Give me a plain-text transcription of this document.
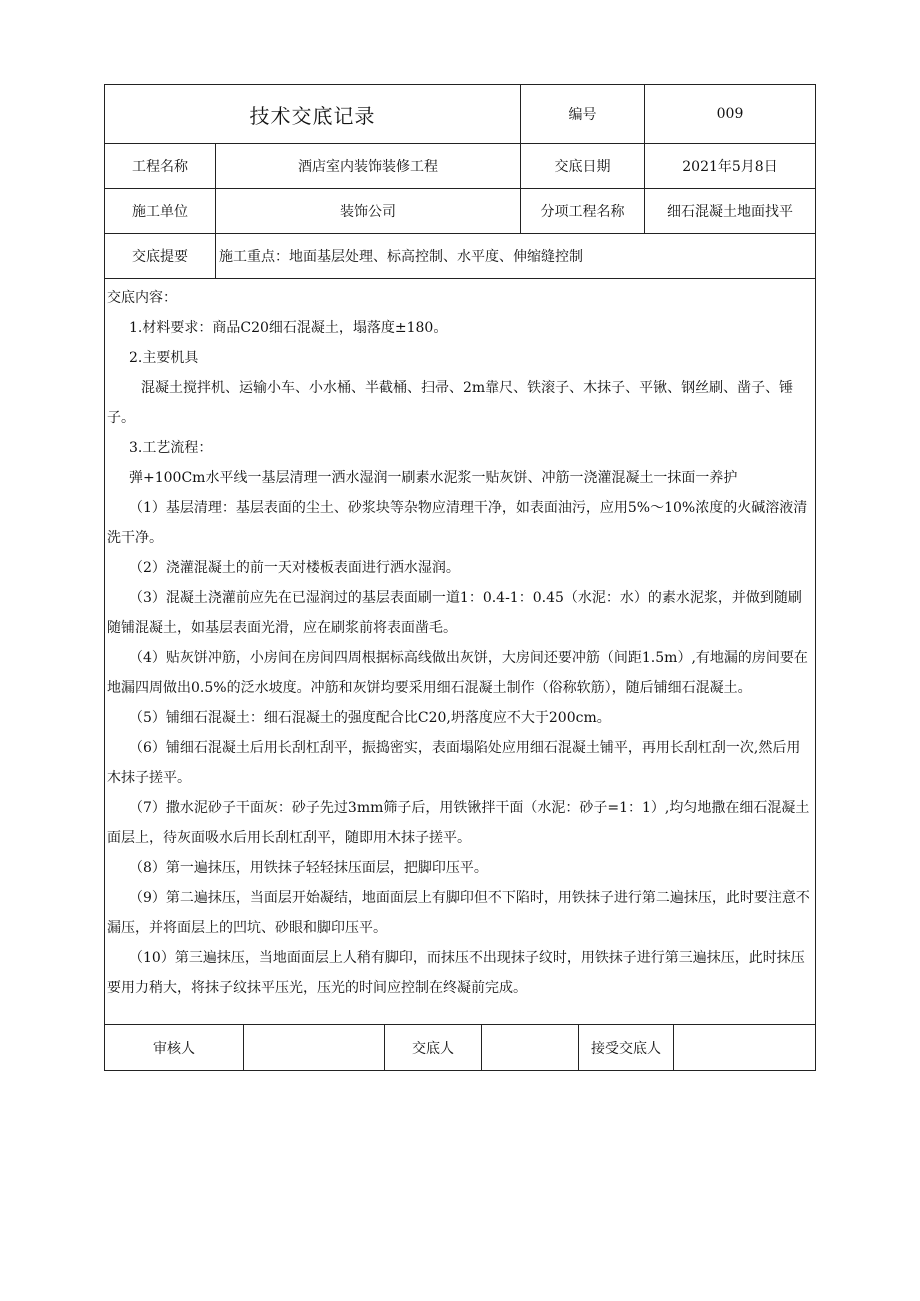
技术交底记录	编号	009
工程名称	酒店室内装饰装修工程	交底日期	2021年5月8日
施工单位	装饰公司	分项工程名称	细石混凝土地面找平
交底提要	施工重点：地面基层处理、标高控制、水平度、伸缩缝控制

交底内容：

1.材料要求：商品C20细石混凝土，塌落度±180。

2.主要机具

混凝土搅拌机、运输小车、小水桶、半截桶、扫帚、2m靠尺、铁滚子、木抹子、平锹、钢丝刷、凿子、锤子。

3.工艺流程：

弹+100Cm水平线一基层清理一洒水湿润一刷素水泥浆一贴灰饼、冲筋一浇灌混凝土一抹面一养护

（1）基层清理：基层表面的尘土、砂浆块等杂物应清理干净，如表面油污，应用5%～10%浓度的火碱溶液清洗干净。

（2）浇灌混凝土的前一天对楼板表面进行洒水湿润。

（3）混凝土浇灌前应先在已湿润过的基层表面刷一道1：0.4-1：0.45（水泥：水）的素水泥浆，并做到随刷随铺混凝土，如基层表面光滑，应在刷浆前将表面凿毛。

（4）贴灰饼冲筋，小房间在房间四周根据标高线做出灰饼，大房间还要冲筋（间距1.5m）,有地漏的房间要在地漏四周做出0.5%的泛水坡度。冲筋和灰饼均要采用细石混凝土制作（俗称软筋），随后铺细石混凝土。

（5）铺细石混凝土：细石混凝土的强度配合比C20,坍落度应不大于200cm。

（6）铺细石混凝土后用长刮杠刮平，振捣密实，表面塌陷处应用细石混凝土铺平，再用长刮杠刮一次,然后用木抹子搓平。

（7）撒水泥砂子干面灰：砂子先过3mm筛子后，用铁锹拌干面（水泥：砂子=1：1）,均匀地撒在细石混凝土面层上，待灰面吸水后用长刮杠刮平，随即用木抹子搓平。

（8）第一遍抹压，用铁抹子轻轻抹压面层，把脚印压平。

（9）第二遍抹压，当面层开始凝结，地面面层上有脚印但不下陷时，用铁抹子进行第二遍抹压，此时要注意不漏压，并将面层上的凹坑、砂眼和脚印压平。

（10）第三遍抹压，当地面面层上人稍有脚印，而抹压不出现抹子纹时，用铁抹子进行第三遍抹压，此时抹压要用力稍大，将抹子纹抹平压光，压光的时间应控制在终凝前完成。

审核人	交底人	接受交底人
